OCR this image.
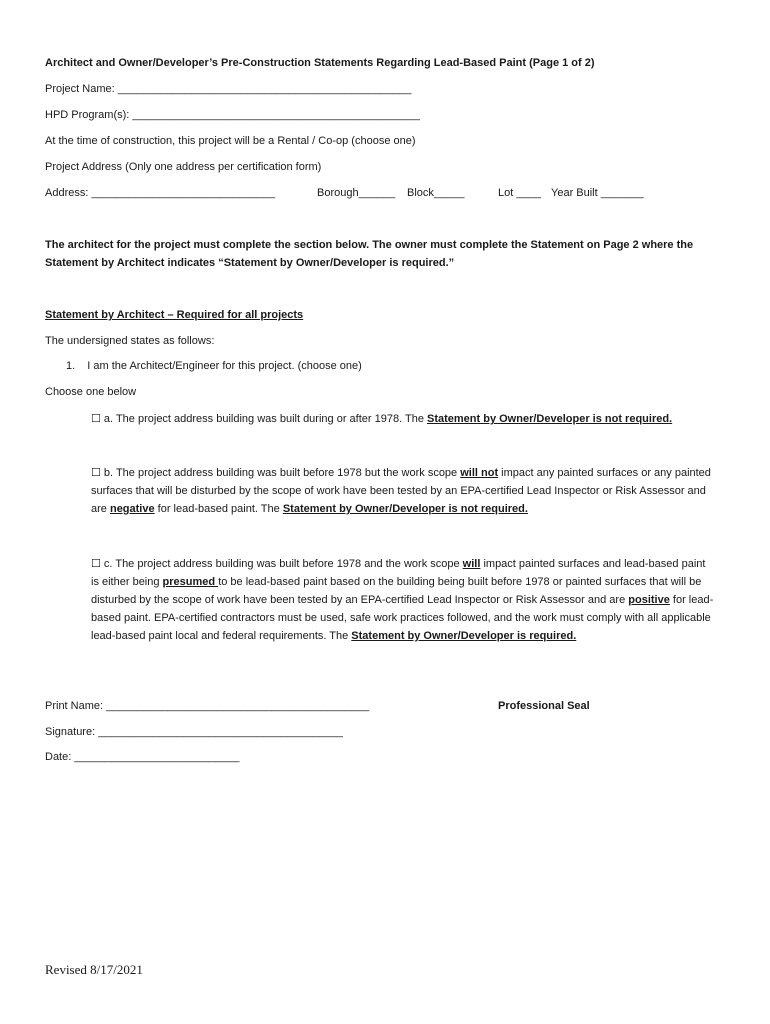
Architect and Owner/Developer’s Pre-Construction Statements Regarding Lead-Based Paint (Page 1 of 2)
Project Name: ________________________________________________
HPD Program(s): _______________________________________________
At the time of construction, this project will be a Rental / Co-op (choose one)
Project Address (Only one address per certification form)
Address: ______________________________	Borough______ Block_____	Lot ____ Year Built _______
The architect for the project must complete the section below. The owner must complete the Statement on Page 2 where the
Statement by Architect indicates “Statement by Owner/Developer is required.”
Statement by Architect – Required for all projects
The undersigned states as follows:
1. I am the Architect/Engineer for this project. (choose one)
Choose one below
☐ a. The project address building was built during or after 1978. The Statement by Owner/Developer is not required.
☐ b. The project address building was built before 1978 but the work scope will not impact any painted surfaces or any painted surfaces that will be disturbed by the scope of work have been tested by an EPA-certified Lead Inspector or Risk Assessor and are negative for lead-based paint. The Statement by Owner/Developer is not required.
☐ c. The project address building was built before 1978 and the work scope will impact painted surfaces and lead-based paint is either being presumed to be lead-based paint based on the building being built before 1978 or painted surfaces that will be disturbed by the scope of work have been tested by an EPA-certified Lead Inspector or Risk Assessor and are positive for lead-based paint. EPA-certified contractors must be used, safe work practices followed, and the work must comply with all applicable lead-based paint local and federal requirements. The Statement by Owner/Developer is required.
Print Name: ___________________________________________	Professional Seal
Signature: ________________________________________
Date: ___________________________
Revised 8/17/2021
